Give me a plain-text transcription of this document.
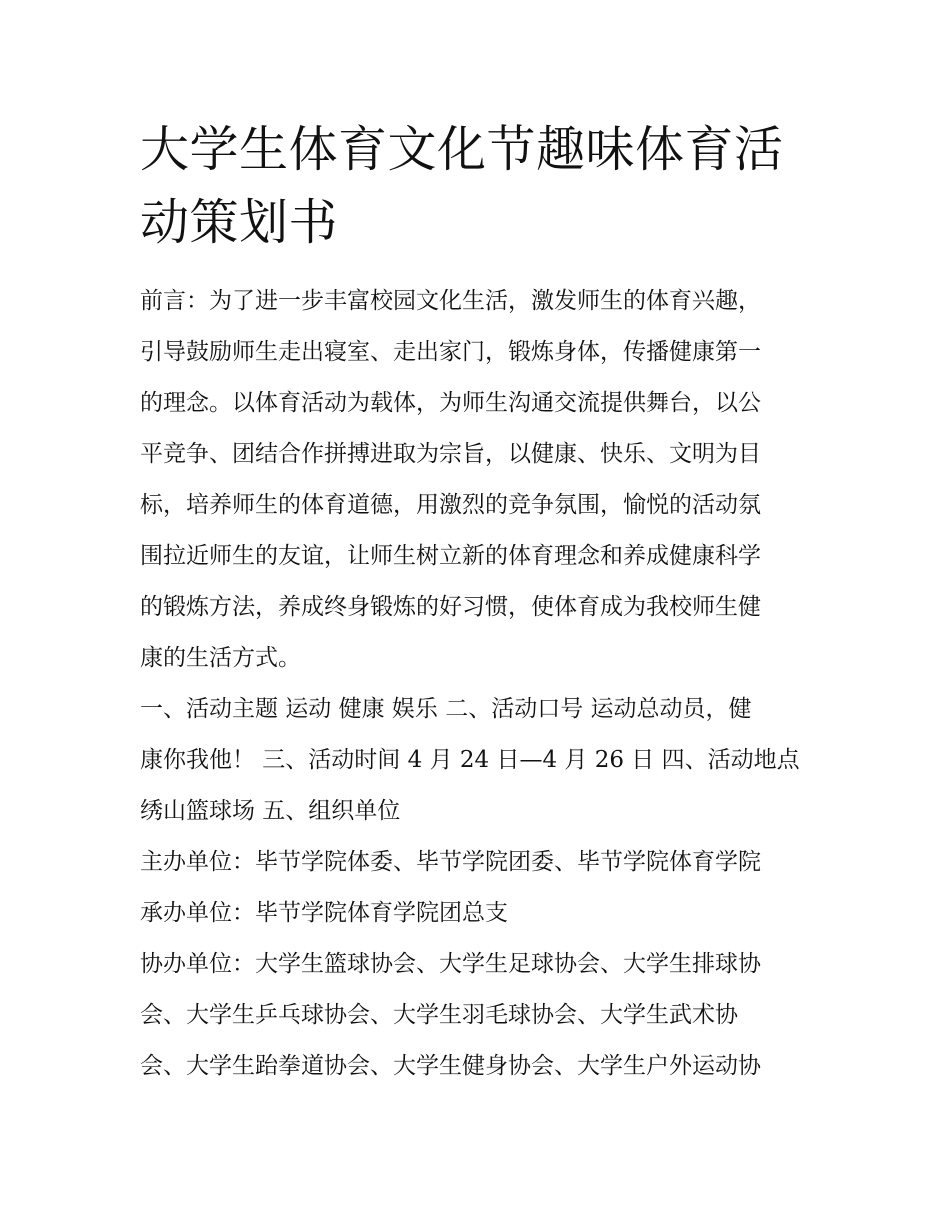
大学生体育文化节趣味体育活
动策划书

前言：为了进一步丰富校园文化生活，激发师生的体育兴趣，
引导鼓励师生走出寝室、走出家门，锻炼身体，传播健康第一
的理念。以体育活动为载体，为师生沟通交流提供舞台，以公
平竞争、团结合作拼搏进取为宗旨，以健康、快乐、文明为目
标，培养师生的体育道德，用激烈的竞争氛围，愉悦的活动氛
围拉近师生的友谊，让师生树立新的体育理念和养成健康科学
的锻炼方法，养成终身锻炼的好习惯，使体育成为我校师生健
康的生活方式。

一、活动主题 运动 健康 娱乐 二、活动口号 运动总动员，健
康你我他！ 三、活动时间 4 月 24 日—4 月 26 日 四、活动地点
绣山篮球场 五、组织单位

主办单位：毕节学院体委、毕节学院团委、毕节学院体育学院

承办单位：毕节学院体育学院团总支

协办单位：大学生篮球协会、大学生足球协会、大学生排球协
会、大学生乒乓球协会、大学生羽毛球协会、大学生武术协
会、大学生跆拳道协会、大学生健身协会、大学生户外运动协
